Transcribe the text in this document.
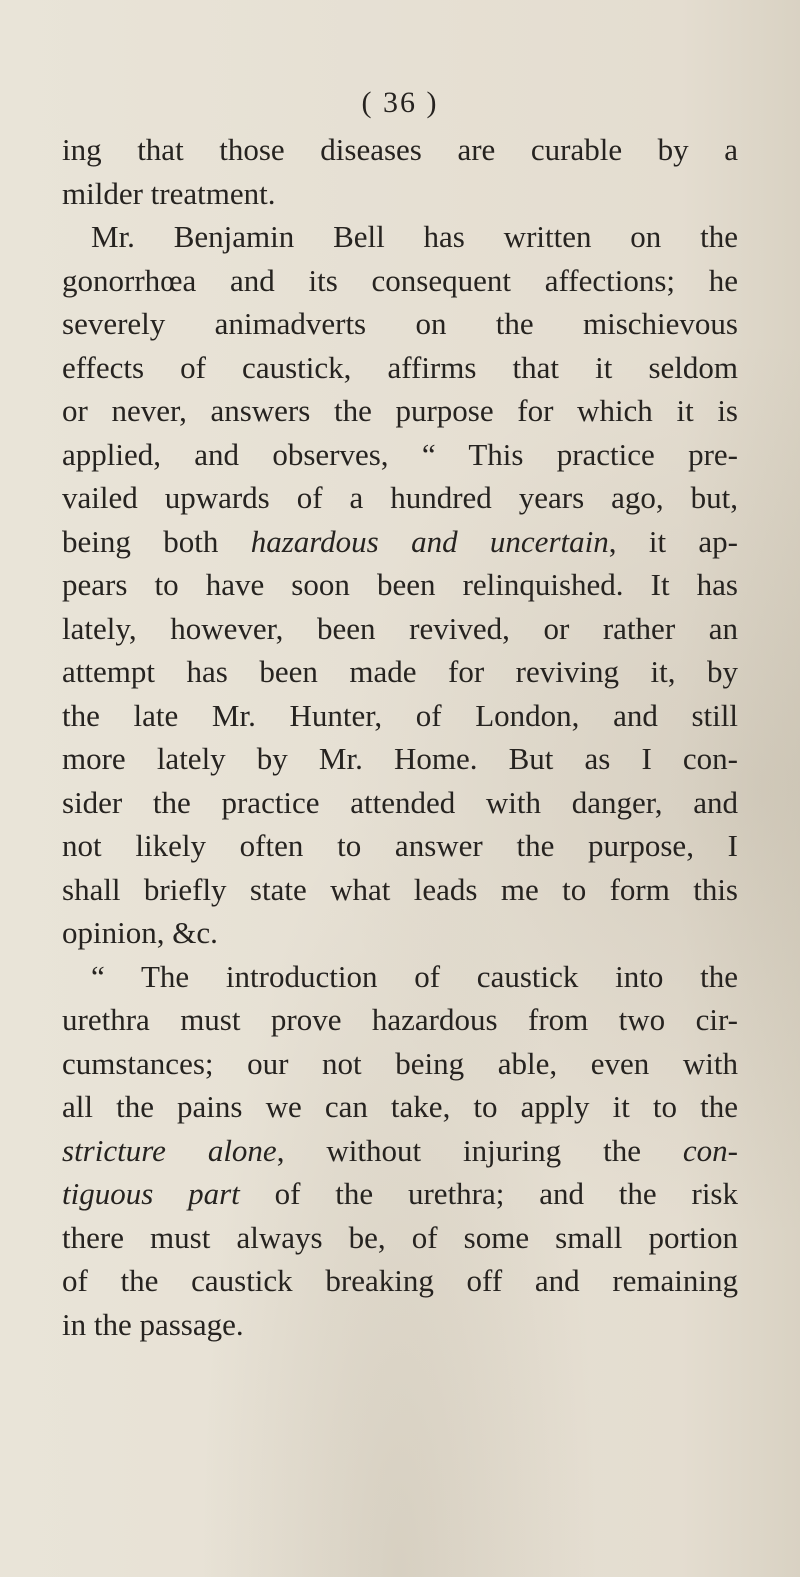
( 36 )
ing that those diseases are curable by a
milder treatment.
Mr. Benjamin Bell has written on the
gonorrhœa and its consequent affections; he
severely animadverts on the mischievous
effects of caustick, affirms that it seldom
or never, answers the purpose for which it is
applied, and observes, “ This practice pre-
vailed upwards of a hundred years ago, but,
being both hazardous and uncertain, it ap-
pears to have soon been relinquished. It has
lately, however, been revived, or rather an
attempt has been made for reviving it, by
the late Mr. Hunter, of London, and still
more lately by Mr. Home. But as I con-
sider the practice attended with danger, and
not likely often to answer the purpose, I
shall briefly state what leads me to form this
opinion, &c.
“ The introduction of caustick into the
urethra must prove hazardous from two cir-
cumstances; our not being able, even with
all the pains we can take, to apply it to the
stricture alone, without injuring the con-
tiguous part of the urethra; and the risk
there must always be, of some small portion
of the caustick breaking off and remaining
in the passage.
